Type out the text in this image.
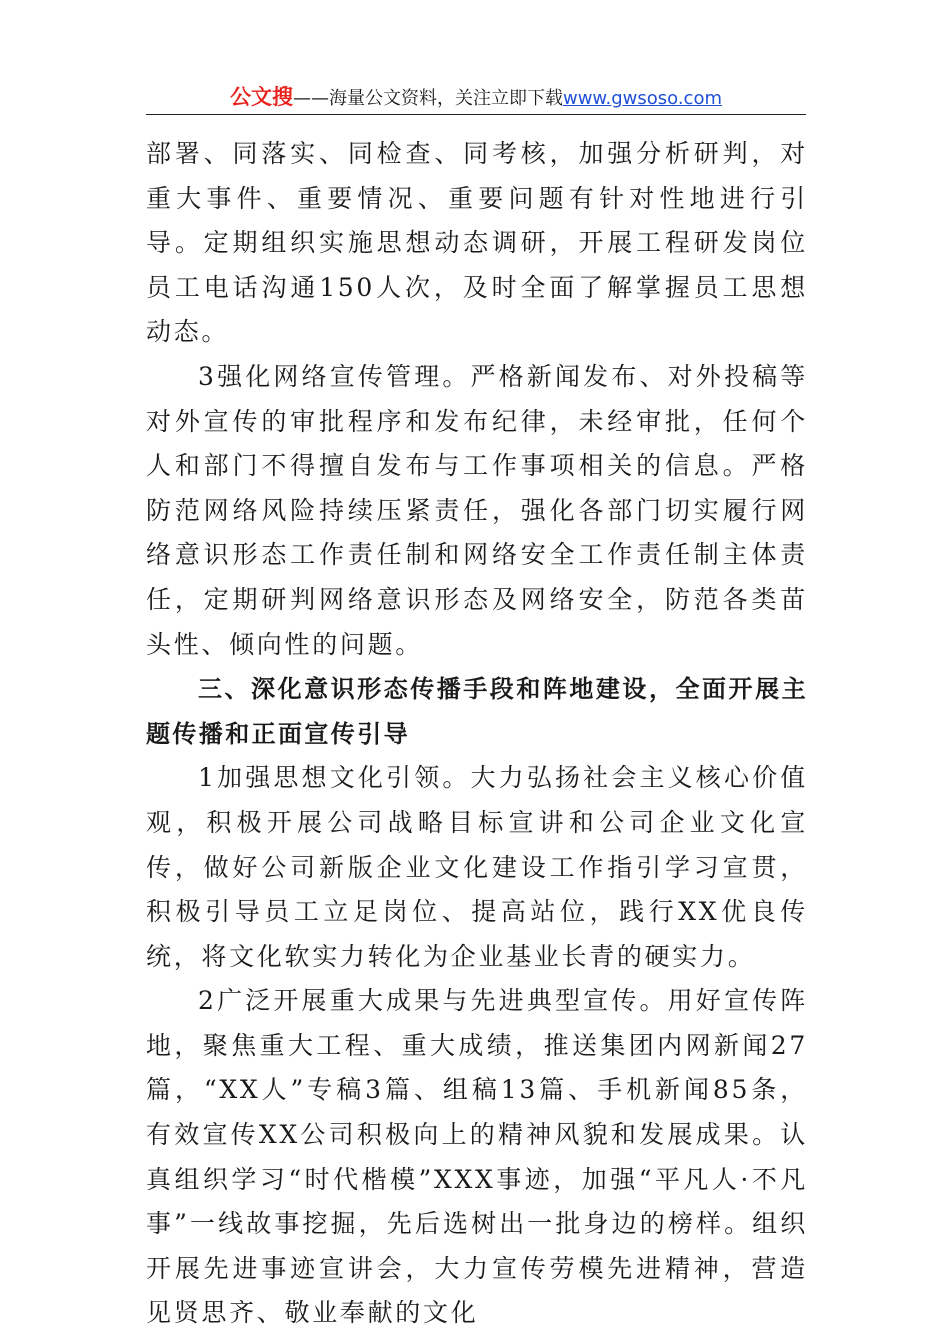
公文搜——海量公文资料，关注立即下载www.gwsoso.com

部署、同落实、同检查、同考核，加强分析研判，对重大事件、重要情况、重要问题有针对性地进行引导。定期组织实施思想动态调研，开展工程研发岗位员工电话沟通150人次，及时全面了解掌握员工思想动态。

3强化网络宣传管理。严格新闻发布、对外投稿等对外宣传的审批程序和发布纪律，未经审批，任何个人和部门不得擅自发布与工作事项相关的信息。严格防范网络风险持续压紧责任，强化各部门切实履行网络意识形态工作责任制和网络安全工作责任制主体责任，定期研判网络意识形态及网络安全，防范各类苗头性、倾向性的问题。

三、深化意识形态传播手段和阵地建设，全面开展主题传播和正面宣传引导

1加强思想文化引领。大力弘扬社会主义核心价值观，积极开展公司战略目标宣讲和公司企业文化宣传，做好公司新版企业文化建设工作指引学习宣贯，积极引导员工立足岗位、提高站位，践行XX优良传统，将文化软实力转化为企业基业长青的硬实力。

2广泛开展重大成果与先进典型宣传。用好宣传阵地，聚焦重大工程、重大成绩，推送集团内网新闻27篇，“XX人”专稿3篇、组稿13篇、手机新闻85条，有效宣传XX公司积极向上的精神风貌和发展成果。认真组织学习“时代楷模”XXX事迹，加强“平凡人·不凡事”一线故事挖掘，先后选树出一批身边的榜样。组织开展先进事迹宣讲会，大力宣传劳模先进精神，营造见贤思齐、敬业奉献的文化
